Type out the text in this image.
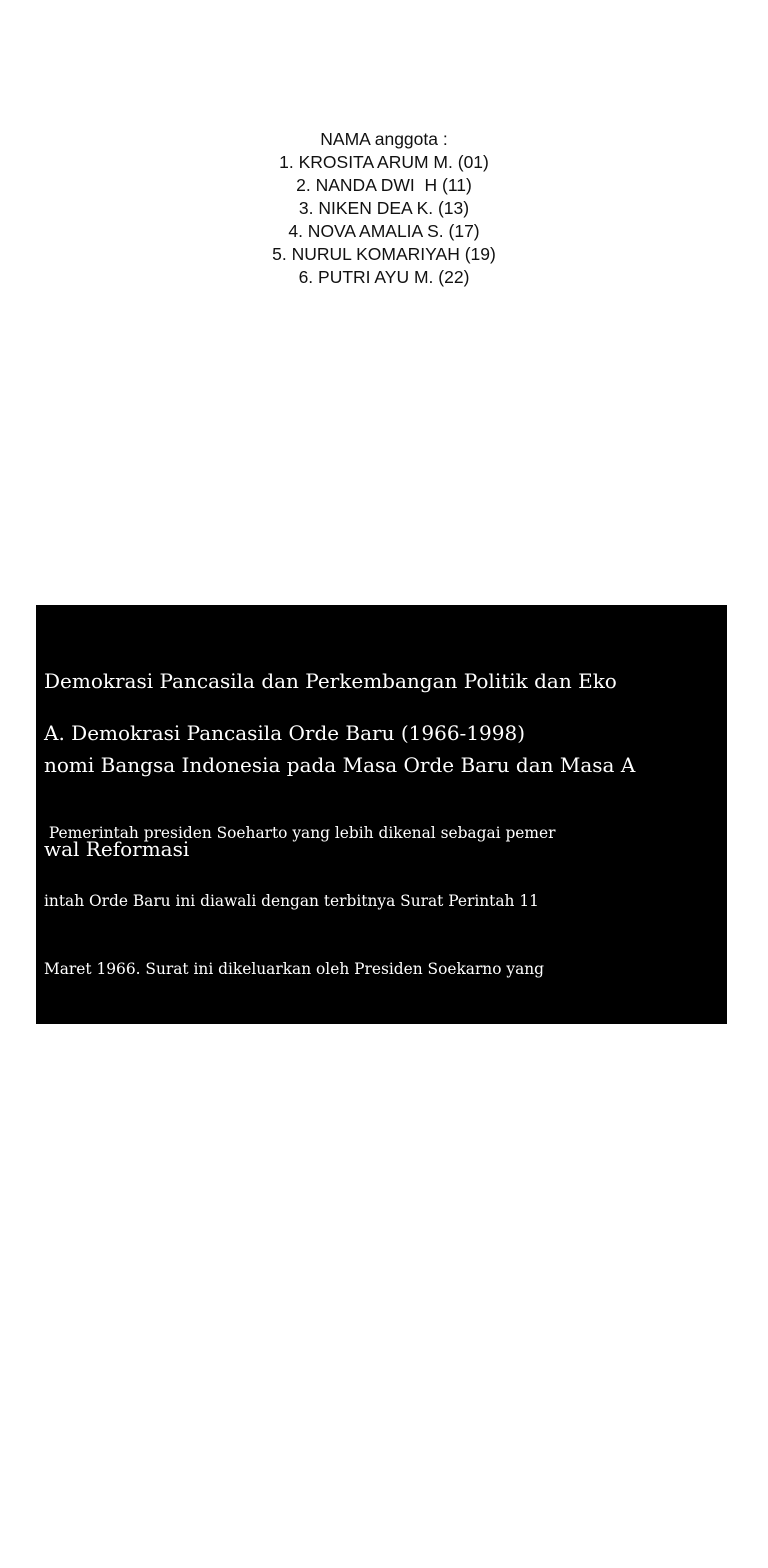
NAMA anggota :
1. KROSITA ARUM M. (01)
2. NANDA DWI  H (11)
3. NIKEN DEA K. (13)
4. NOVA AMALIA S. (17)
5. NURUL KOMARIYAH (19)
6. PUTRI AYU M. (22)

Demokrasi Pancasila dan Perkembangan Politik dan Eko

nomi Bangsa Indonesia pada Masa Orde Baru dan Masa A

wal Reformasi

A. Demokrasi Pancasila Orde Baru (1966-1998)

Pemerintah presiden Soeharto yang lebih dikenal sebagai pemer

intah Orde Baru ini diawali dengan terbitnya Surat Perintah 11

Maret 1966. Surat ini dikeluarkan oleh Presiden Soekarno yang

memerintahkan kepada Letnan Jendral Soeharto ketika itu untuk

mengatasi keamanan negara yang sedang dalam situasi dan kondis

i yang tidak kondusif akibat peristiwa Gerakan 30 September 19

65 yang didalangi PKI. Pembangunan di segala bidang yang diren

canakan secara bertahap dirumuskan melalui Rencana Pembangunan

Lima Tahun (Repelita). Selain itu, keberhasilan menyelenggarak

an pemilu pada 1971, 1977, 1982, 1987, 1992, dan 1997 merupaka

n sederetan catatan keberhasilan demokrasi masa  Orde Baru.
